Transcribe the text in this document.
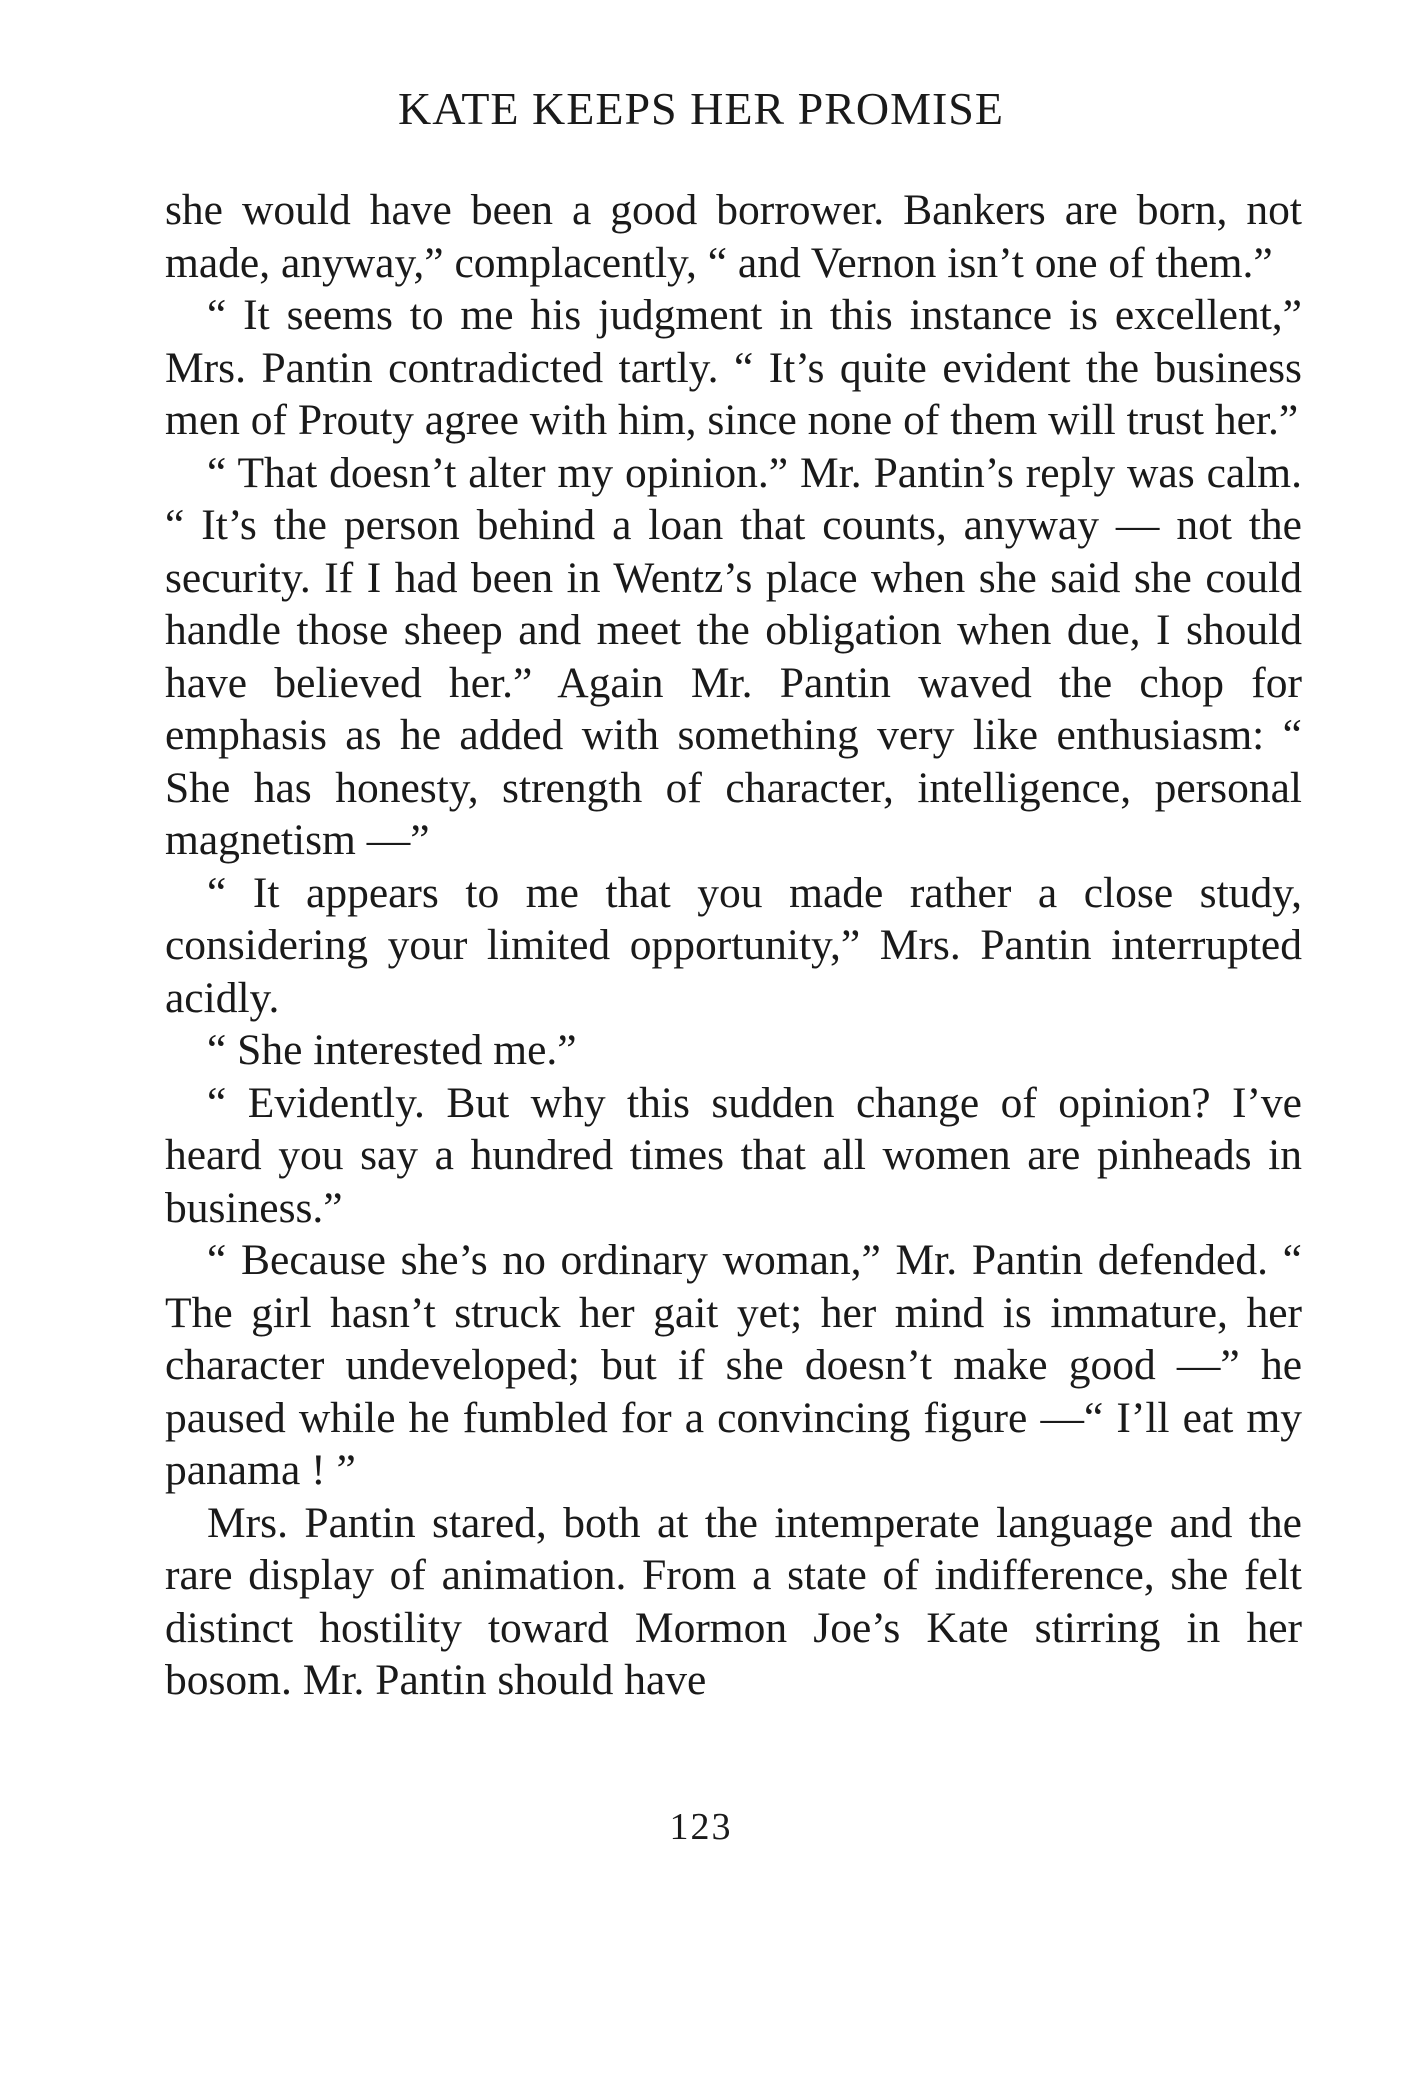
KATE KEEPS HER PROMISE

she would have been a good borrower. Bankers are born, not made, anyway,” complacently, “ and Vernon isn’t one of them.”

“ It seems to me his judgment in this instance is excellent,” Mrs. Pantin contradicted tartly. “ It’s quite evident the business men of Prouty agree with him, since none of them will trust her.”

“ That doesn’t alter my opinion.” Mr. Pantin’s reply was calm. “ It’s the person behind a loan that counts, anyway — not the security. If I had been in Wentz’s place when she said she could handle those sheep and meet the obligation when due, I should have believed her.” Again Mr. Pantin waved the chop for emphasis as he added with something very like enthusiasm: “ She has honesty, strength of character, intelligence, personal magnetism —”

“ It appears to me that you made rather a close study, considering your limited opportunity,” Mrs. Pantin interrupted acidly.

“ She interested me.”

“ Evidently. But why this sudden change of opinion? I’ve heard you say a hundred times that all women are pinheads in business.”

“ Because she’s no ordinary woman,” Mr. Pantin defended. “ The girl hasn’t struck her gait yet; her mind is immature, her character undeveloped; but if she doesn’t make good —” he paused while he fumbled for a convincing figure —“ I’ll eat my panama ! ”

Mrs. Pantin stared, both at the intemperate language and the rare display of animation. From a state of indifference, she felt distinct hostility toward Mormon Joe’s Kate stirring in her bosom. Mr. Pantin should have

123
